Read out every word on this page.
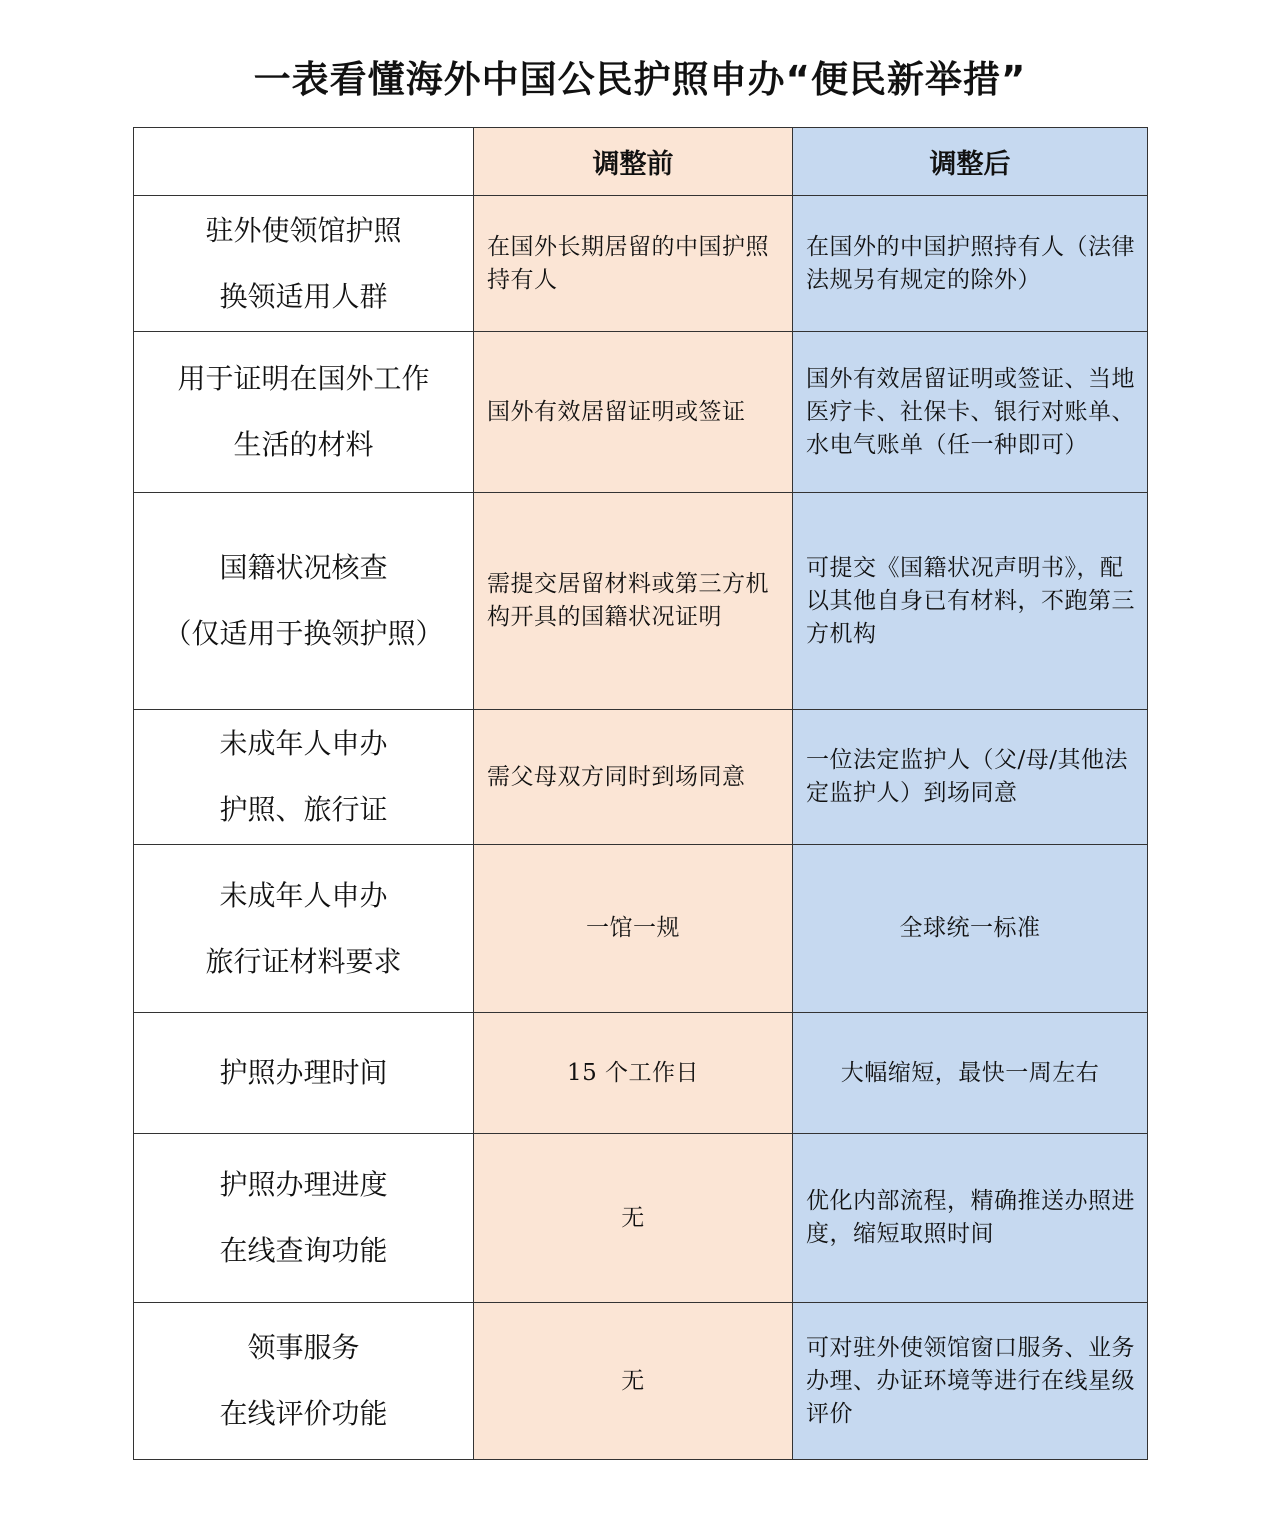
一表看懂海外中国公民护照申办“便民新举措”
	调整前	调整后

驻外使领馆护照
换领适用人群	在国外长期居留的中国护照持有人	在国外的中国护照持有人（法律法规另有规定的除外）

用于证明在国外工作
生活的材料	国外有效居留证明或签证	国外有效居留证明或签证、当地医疗卡、社保卡、银行对账单、水电气账单（任一种即可）

国籍状况核查
（仅适用于换领护照）	需提交居留材料或第三方机构开具的国籍状况证明	可提交《国籍状况声明书》，配以其他自身已有材料，不跑第三方机构

未成年人申办
护照、旅行证	需父母双方同时到场同意	一位法定监护人（父/母/其他法定监护人）到场同意

未成年人申办
旅行证材料要求	一馆一规	全球统一标准

护照办理时间	15 个工作日	大幅缩短，最快一周左右

护照办理进度
在线查询功能	无	优化内部流程，精确推送办照进度，缩短取照时间

领事服务
在线评价功能	无	可对驻外使领馆窗口服务、业务办理、办证环境等进行在线星级评价
